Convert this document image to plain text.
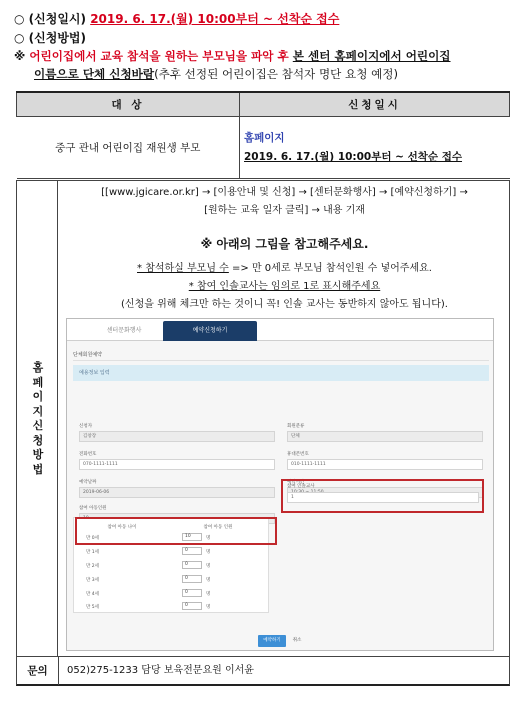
○ (신청일시) 2019. 6. 17.(월) 10:00부터 ~ 선착순 접수
○ (신청방법)
※ 어린이집에서 교육 참석을 원하는 부모님을 파악 후 본 센터 홈페이지에서 어린이집
이름으로 단체 신청바람(추후 선정된 어린이집은 참석자 명단 요청 예정)
대 상	신청일시
중구 관내 어린이집 재원생 부모	홈페이지
2019. 6. 17.(월) 10:00부터 ~ 선착순 접수
홈
페
이
지
신
청
방
법
[[www.jgicare.or.kr] → [이용안내 및 신청] → [센터문화행사] → [예약신청하기] →
[원하는 교육 일자 클릭] → 내용 기재
※ 아래의 그림을 참고해주세요.
* 참석하실 부모님 수 => 만 0세로 부모님 참석인원 수 넣어주세요.
* 참여 인솔교사는 임의로 1로 표시해주세요
(신청을 위해 체크만 하는 것이니 꼭! 인솔 교사는 동반하지 않아도 됩니다).
센터문화행사	예약신청하기
단체회원예약
예용정보 입력
신청자
김창장
회원분류
단체
전화번호
070-1111-1111
휴대폰번호
010-1111-1111
예약날짜
2019-06-06
예약시간
참여 아동인원
참여 인솔교사
1
참여 아동 나이	참여 아동 인원
만 0세	10	명
만 1세	0	명
만 2세	0	명
만 3세	0	명
만 4세	0	명
만 5세	0	명
예약하기	취소
문의	052)275-1233 담당 보육전문요원 이서윤
